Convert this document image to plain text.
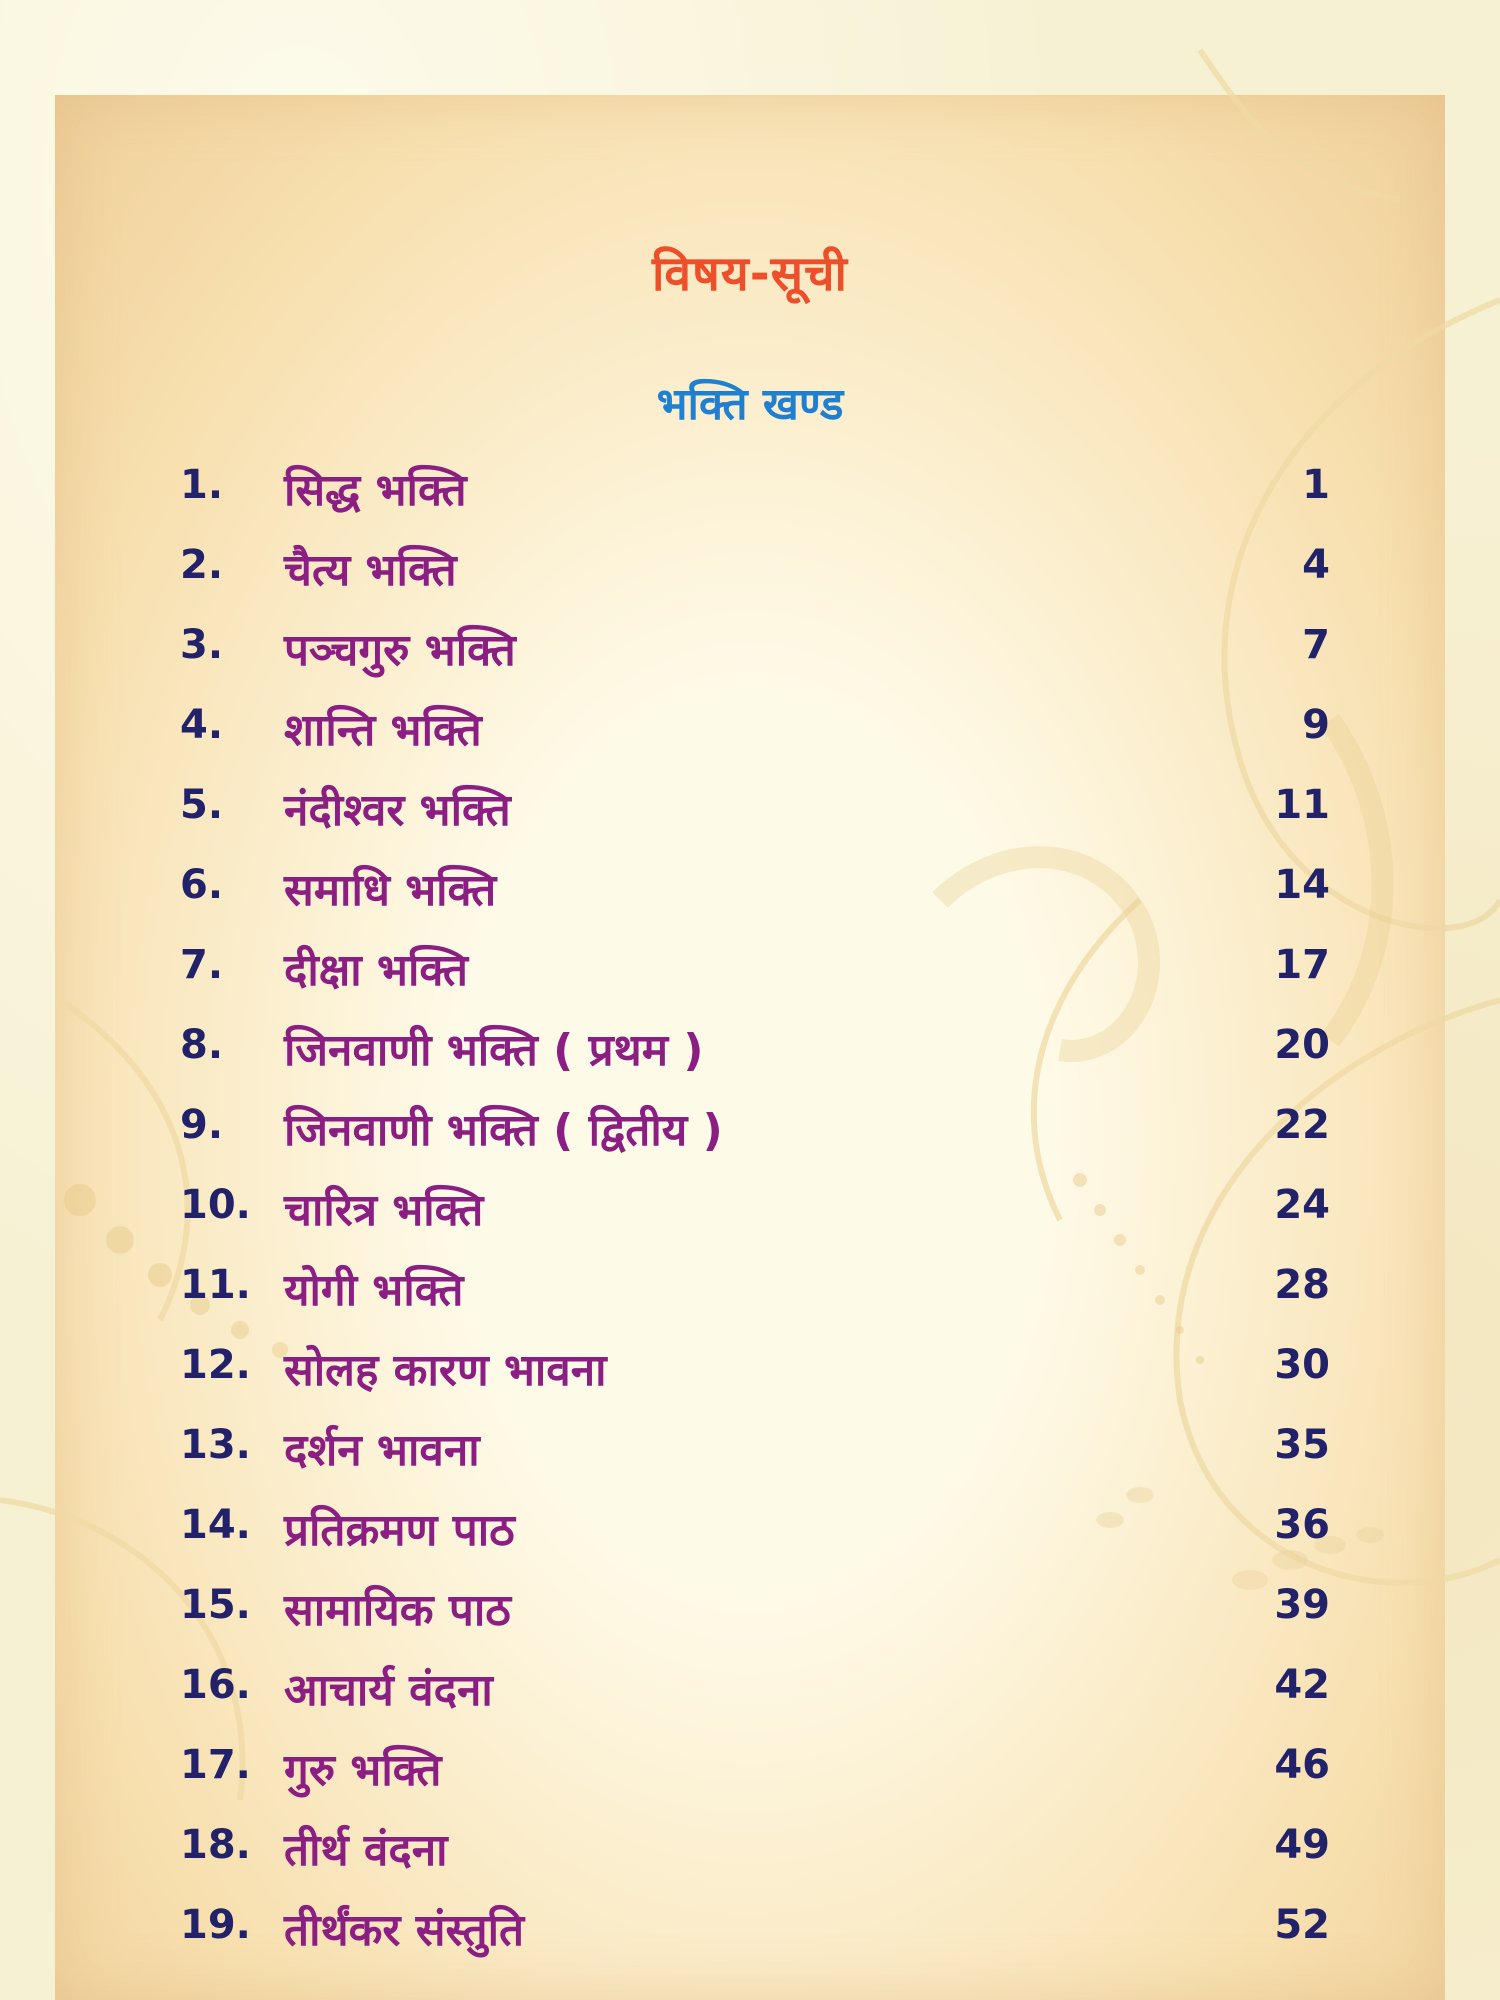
विषय-सूची
भक्ति खण्ड
1. सिद्ध भक्ति	1
2. चैत्य भक्ति	4
3. पञ्चगुरु भक्ति	7
4. शान्ति भक्ति	9
5. नंदीश्वर भक्ति	11
6. समाधि भक्ति	14
7. दीक्षा भक्ति	17
8. जिनवाणी भक्ति ( प्रथम )	20
9. जिनवाणी भक्ति ( द्वितीय )	22
10. चारित्र भक्ति	24
11. योगी भक्ति	28
12. सोलह कारण भावना	30
13. दर्शन भावना	35
14. प्रतिक्रमण पाठ	36
15. सामायिक पाठ	39
16. आचार्य वंदना	42
17. गुरु भक्ति	46
18. तीर्थ वंदना	49
19. तीर्थंकर संस्तुति	52
